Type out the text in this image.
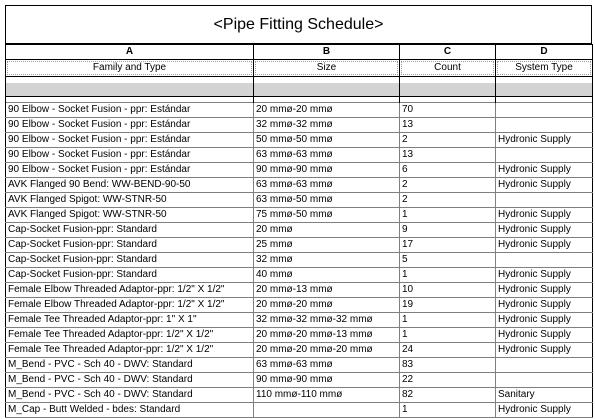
<Pipe Fitting Schedule>
A	B	C	D

Family and Type	Size	Count	System Type

90 Elbow - Socket Fusion - ppr: Estándar	20 mmø-20 mmø	70	
90 Elbow - Socket Fusion - ppr: Estándar	32 mmø-32 mmø	13	
90 Elbow - Socket Fusion - ppr: Estándar	50 mmø-50 mmø	2	Hydronic Supply
90 Elbow - Socket Fusion - ppr: Estándar	63 mmø-63 mmø	13	
90 Elbow - Socket Fusion - ppr: Estándar	90 mmø-90 mmø	6	Hydronic Supply
AVK Flanged 90 Bend: WW-BEND-90-50	63 mmø-63 mmø	2	Hydronic Supply
AVK Flanged Spigot: WW-STNR-50	63 mmø-50 mmø	2	
AVK Flanged Spigot: WW-STNR-50	75 mmø-50 mmø	1	Hydronic Supply
Cap-Socket Fusion-ppr: Standard	20 mmø	9	Hydronic Supply
Cap-Socket Fusion-ppr: Standard	25 mmø	17	Hydronic Supply
Cap-Socket Fusion-ppr: Standard	32 mmø	5	
Cap-Socket Fusion-ppr: Standard	40 mmø	1	Hydronic Supply
Female Elbow Threaded Adaptor-ppr: 1/2" X 1/2"	20 mmø-13 mmø	10	Hydronic Supply
Female Elbow Threaded Adaptor-ppr: 1/2" X 1/2"	20 mmø-20 mmø	19	Hydronic Supply
Female Tee Threaded Adaptor-ppr: 1" X 1"	32 mmø-32 mmø-32 mmø	1	Hydronic Supply
Female Tee Threaded Adaptor-ppr: 1/2" X 1/2"	20 mmø-20 mmø-13 mmø	1	Hydronic Supply
Female Tee Threaded Adaptor-ppr: 1/2" X 1/2"	20 mmø-20 mmø-20 mmø	24	Hydronic Supply
M_Bend - PVC - Sch 40 - DWV: Standard	63 mmø-63 mmø	83	
M_Bend - PVC - Sch 40 - DWV: Standard	90 mmø-90 mmø	22	
M_Bend - PVC - Sch 40 - DWV: Standard	110 mmø-110 mmø	82	Sanitary
M_Cap - Butt Welded - bdes: Standard		1	Hydronic Supply
